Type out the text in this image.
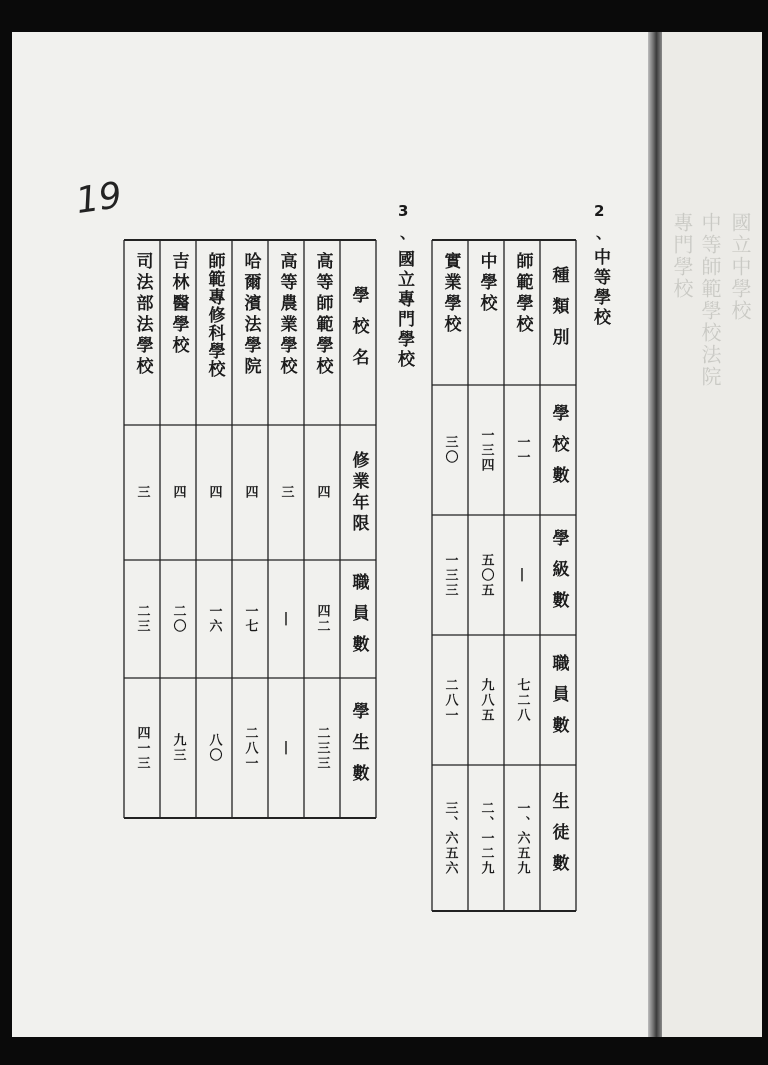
國立中學校
中等師範學校法院
專門學校
19	2
、
中等學校
3
、
國立專門學校	種類別
學校數
學級數
職員數
生徒數
師範學校
一一
|
七二八
一、六五九
中學校
一三四
五〇五
九八五
二、一二九
實業學校
三〇
一三三
二八一
三、六五六
學校名
修業年限
職員數
學生數
高等師範學校
四
四二
二三三
高等農業學校
三
|
|
哈爾濱法學院
四
一七
二八一
師範專修科學校
四
一六
八〇
吉林醫學校
四
二〇
九三
司法部法學校
三
二三
四一三
